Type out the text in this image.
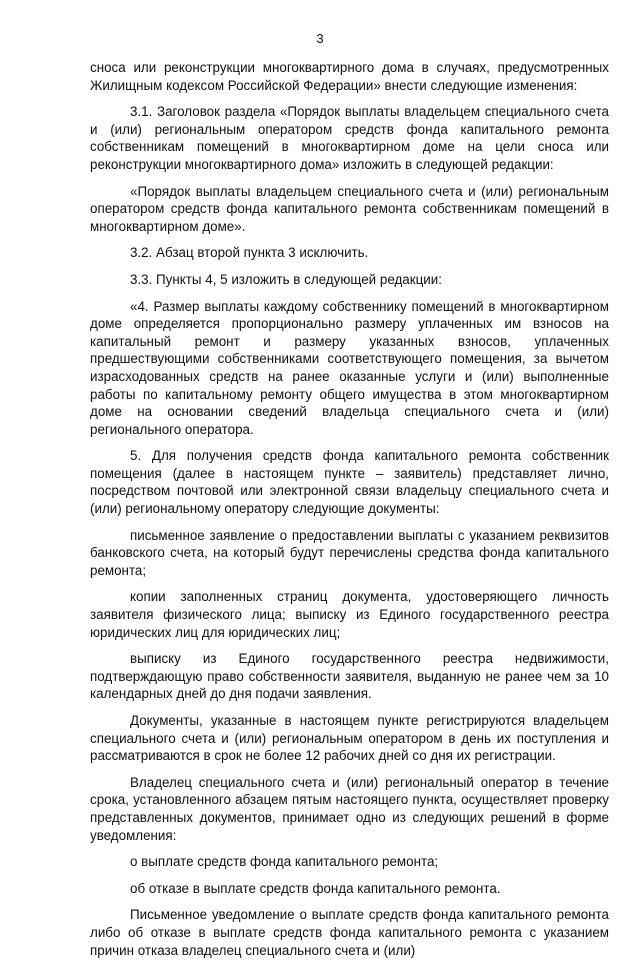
3

сноса или реконструкции многоквартирного дома в случаях, предусмотренных Жилищным кодексом Российской Федерации» внести следующие изменения:

3.1. Заголовок раздела «Порядок выплаты владельцем специального счета и (или) региональным оператором средств фонда капитального ремонта собственникам помещений в многоквартирном доме на цели сноса или реконструкции многоквартирного дома» изложить в следующей редакции:

«Порядок выплаты владельцем специального счета и (или) региональным оператором средств фонда капитального ремонта собственникам помещений в многоквартирном доме».

3.2. Абзац второй пункта 3 исключить.

3.3. Пункты 4, 5 изложить в следующей редакции:

«4. Размер выплаты каждому собственнику помещений в многоквартирном доме определяется пропорционально размеру уплаченных им взносов на капитальный ремонт и размеру указанных взносов, уплаченных предшествующими собственниками соответствующего помещения, за вычетом израсходованных средств на ранее оказанные услуги и (или) выполненные работы по капитальному ремонту общего имущества в этом многоквартирном доме на основании сведений владельца специального счета и (или) регионального оператора.

5. Для получения средств фонда капитального ремонта собственник помещения (далее в настоящем пункте – заявитель) представляет лично, посредством почтовой или электронной связи владельцу специального счета и (или) региональному оператору следующие документы:

письменное заявление о предоставлении выплаты с указанием реквизитов банковского счета, на который будут перечислены средства фонда капитального ремонта;

копии заполненных страниц документа, удостоверяющего личность заявителя физического лица; выписку из Единого государственного реестра юридических лиц для юридических лиц;

выписку из Единого государственного реестра недвижимости, подтверждающую право собственности заявителя, выданную не ранее чем за 10 календарных дней до дня подачи заявления.

Документы, указанные в настоящем пункте регистрируются владельцем специального счета и (или) региональным оператором в день их поступления и рассматриваются в срок не более 12 рабочих дней со дня их регистрации.

Владелец специального счета и (или) региональный оператор в течение срока, установленного абзацем пятым настоящего пункта, осуществляет проверку представленных документов, принимает одно из следующих решений в форме уведомления:

о выплате средств фонда капитального ремонта;

об отказе в выплате средств фонда капитального ремонта.

Письменное уведомление о выплате средств фонда капитального ремонта либо об отказе в выплате средств фонда капитального ремонта с указанием причин отказа владелец специального счета и (или)
